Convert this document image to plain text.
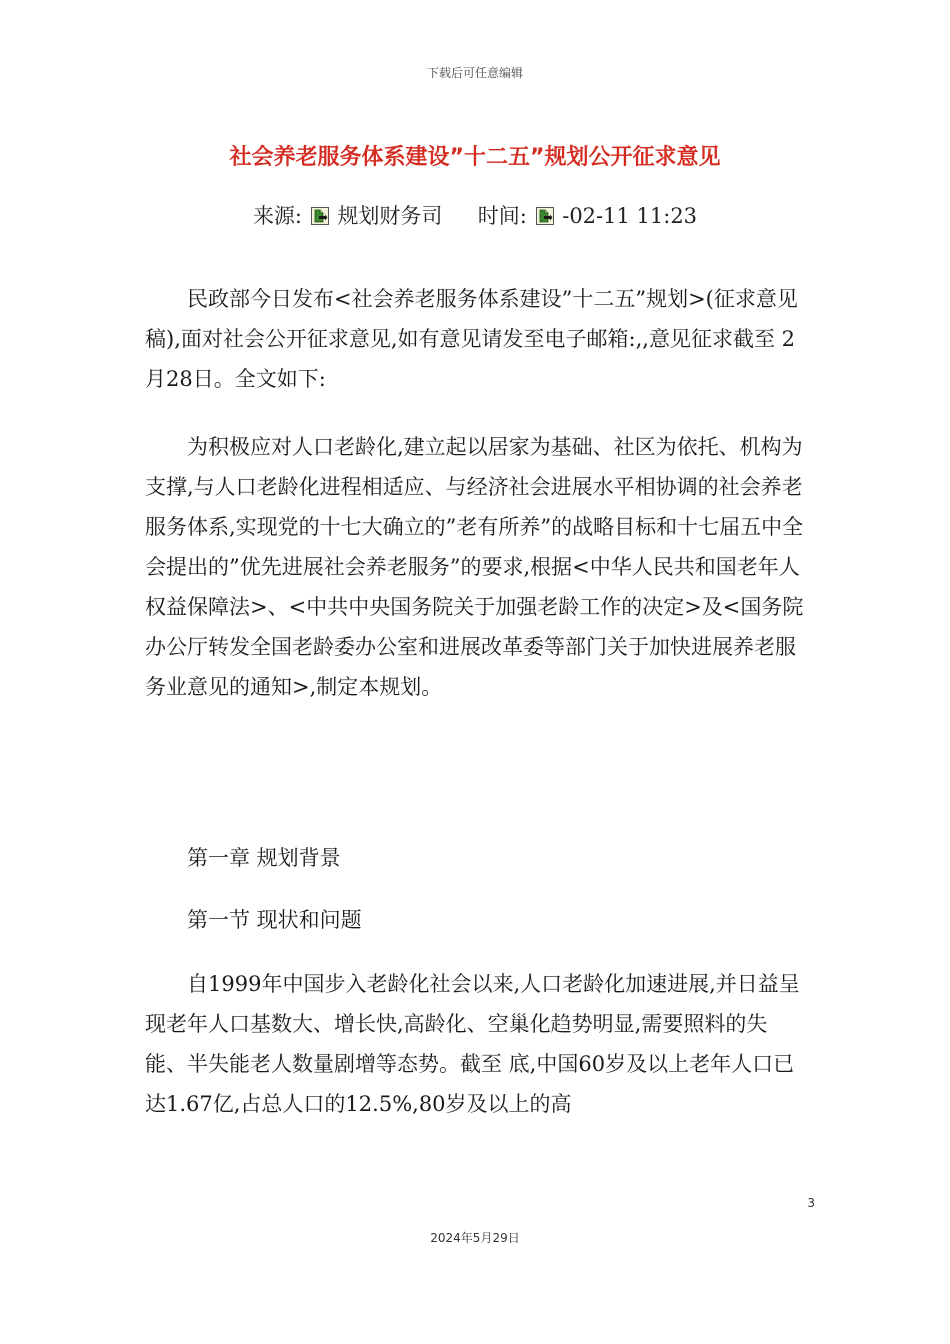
下载后可任意编辑
社会养老服务体系建设”十二五”规划公开征求意见
来源: 规划财务司 时间: -02-11 11:23

民政部今日发布<社会养老服务体系建设”十二五”规划>(征求意见稿),面对社会公开征求意见,如有意见请发至电子邮箱:,,意见征求截至 2月28日。全文如下:

为积极应对人口老龄化,建立起以居家为基础、社区为依托、机构为支撑,与人口老龄化进程相适应、与经济社会进展水平相协调的社会养老服务体系,实现党的十七大确立的”老有所养”的战略目标和十七届五中全会提出的”优先进展社会养老服务”的要求,根据<中华人民共和国老年人权益保障法>、<中共中央国务院关于加强老龄工作的决定>及<国务院办公厅转发全国老龄委办公室和进展改革委等部门关于加快进展养老服务业意见的通知>,制定本规划。

第一章 规划背景

第一节 现状和问题

自1999年中国步入老龄化社会以来,人口老龄化加速进展,并日益呈现老年人口基数大、增长快,高龄化、空巢化趋势明显,需要照料的失能、半失能老人数量剧增等态势。截至 底,中国60岁及以上老年人口已达1.67亿,占总人口的12.5%,80岁及以上的高

3
2024年5月29日
